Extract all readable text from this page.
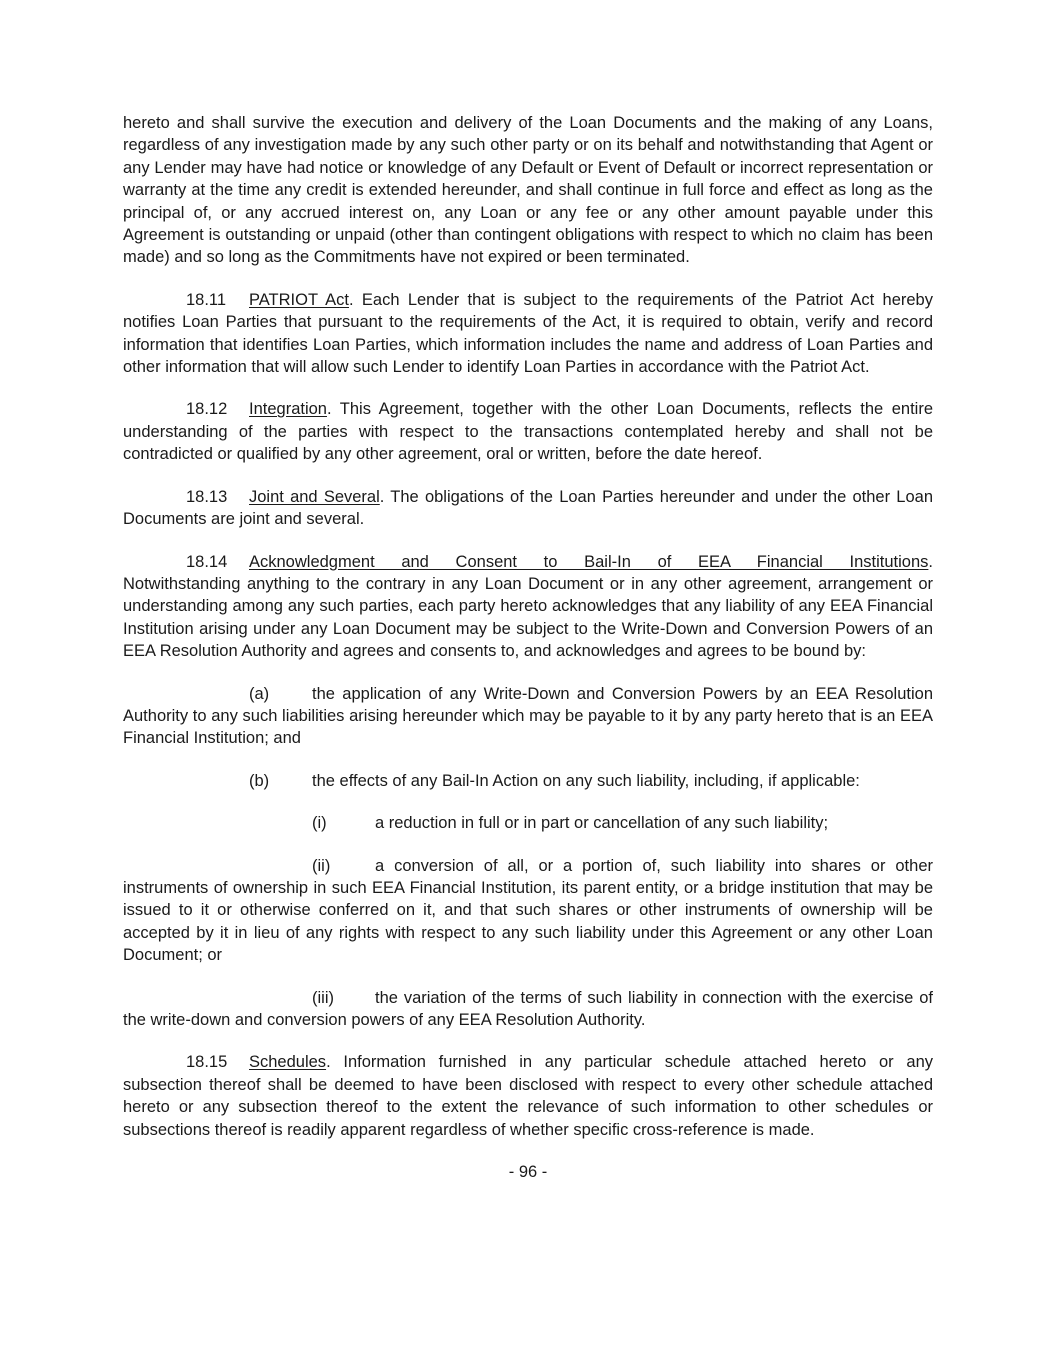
hereto and shall survive the execution and delivery of the Loan Documents and the making of any Loans, regardless of any investigation made by any such other party or on its behalf and notwithstanding that Agent or any Lender may have had notice or knowledge of any Default or Event of Default or incorrect representation or warranty at the time any credit is extended hereunder, and shall continue in full force and effect as long as the principal of, or any accrued interest on, any Loan or any fee or any other amount payable under this Agreement is outstanding or unpaid (other than contingent obligations with respect to which no claim has been made) and so long as the Commitments have not expired or been terminated.

18.11 PATRIOT Act. Each Lender that is subject to the requirements of the Patriot Act hereby notifies Loan Parties that pursuant to the requirements of the Act, it is required to obtain, verify and record information that identifies Loan Parties, which information includes the name and address of Loan Parties and other information that will allow such Lender to identify Loan Parties in accordance with the Patriot Act.

18.12 Integration. This Agreement, together with the other Loan Documents, reflects the entire understanding of the parties with respect to the transactions contemplated hereby and shall not be contradicted or qualified by any other agreement, oral or written, before the date hereof.

18.13 Joint and Several. The obligations of the Loan Parties hereunder and under the other Loan Documents are joint and several.

18.14 Acknowledgment and Consent to Bail-In of EEA Financial Institutions.

Notwithstanding anything to the contrary in any Loan Document or in any other agreement, arrangement or understanding among any such parties, each party hereto acknowledges that any liability of any EEA Financial Institution arising under any Loan Document may be subject to the Write-Down and Conversion Powers of an EEA Resolution Authority and agrees and consents to, and acknowledges and agrees to be bound by:

(a)	the application of any Write-Down and Conversion Powers by an EEA Resolution Authority to any such liabilities arising hereunder which may be payable to it by any party hereto that is an EEA Financial Institution; and

(b)	the effects of any Bail-In Action on any such liability, including, if applicable:

(i)	a reduction in full or in part or cancellation of any such liability;

(ii)	a conversion of all, or a portion of, such liability into shares or other instruments of ownership in such EEA Financial Institution, its parent entity, or a bridge institution that may be issued to it or otherwise conferred on it, and that such shares or other instruments of ownership will be accepted by it in lieu of any rights with respect to any such liability under this Agreement or any other Loan Document; or

(iii) the variation of the terms of such liability in connection with the exercise of the write-down and conversion powers of any EEA Resolution Authority.

18.15 Schedules. Information furnished in any particular schedule attached hereto or any subsection thereof shall be deemed to have been disclosed with respect to every other schedule attached hereto or any subsection thereof to the extent the relevance of such information to other schedules or subsections thereof is readily apparent regardless of whether specific cross-reference is made.

- 96 -
